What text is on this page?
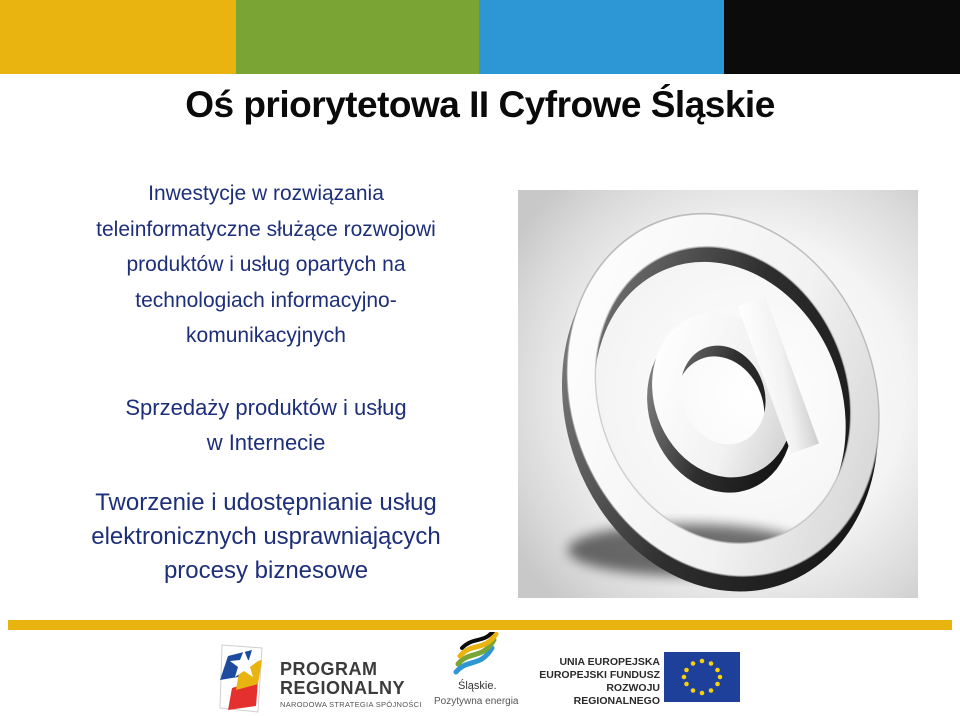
Oś priorytetowa II Cyfrowe Śląskie
Inwestycje w rozwiązania
teleinformatyczne służące rozwojowi
produktów i usług opartych na
technologiach informacyjno-
komunikacyjnych
Sprzedaży produktów i usług
w Internecie
Tworzenie i udostępnianie usług
elektronicznych usprawniających
procesy biznesowe
PROGRAM
REGIONALNY
NARODOWA STRATEGIA SPÓJNOŚCI
Śląskie.
Pozytywna energia
UNIA EUROPEJSKA
EUROPEJSKI FUNDUSZ
ROZWOJU REGIONALNEGO
